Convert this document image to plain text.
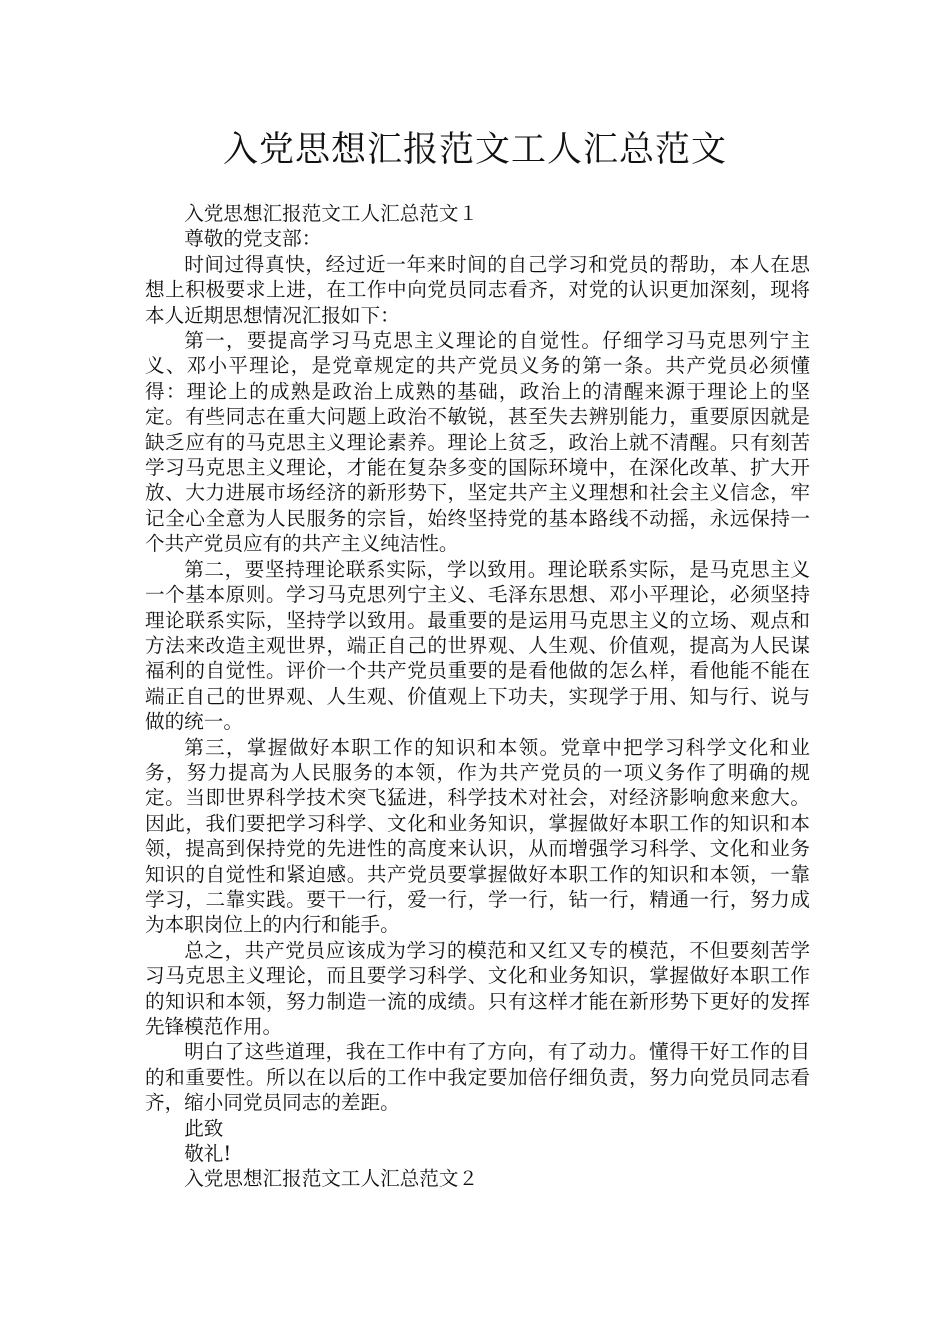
入党思想汇报范文工人汇总范文

入党思想汇报范文工人汇总范文１

尊敬的党支部：

时间过得真快，经过近一年来时间的自己学习和党员的帮助，本人在思想上积极要求上进，在工作中向党员同志看齐，对党的认识更加深刻，现将本人近期思想情况汇报如下：

第一，要提高学习马克思主义理论的自觉性。仔细学习马克思列宁主义、邓小平理论，是党章规定的共产党员义务的第一条。共产党员必须懂得：理论上的成熟是政治上成熟的基础，政治上的清醒来源于理论上的坚定。有些同志在重大问题上政治不敏锐，甚至失去辨别能力，重要原因就是缺乏应有的马克思主义理论素养。理论上贫乏，政治上就不清醒。只有刻苦学习马克思主义理论，才能在复杂多变的国际环境中，在深化改革、扩大开放、大力进展市场经济的新形势下，坚定共产主义理想和社会主义信念，牢记全心全意为人民服务的宗旨，始终坚持党的基本路线不动摇，永远保持一个共产党员应有的共产主义纯洁性。

第二，要坚持理论联系实际，学以致用。理论联系实际，是马克思主义一个基本原则。学习马克思列宁主义、毛泽东思想、邓小平理论，必须坚持理论联系实际，坚持学以致用。最重要的是运用马克思主义的立场、观点和方法来改造主观世界，端正自己的世界观、人生观、价值观，提高为人民谋福利的自觉性。评价一个共产党员重要的是看他做的怎么样，看他能不能在端正自己的世界观、人生观、价值观上下功夫，实现学于用、知与行、说与做的统一。

第三，掌握做好本职工作的知识和本领。党章中把学习科学文化和业务，努力提高为人民服务的本领，作为共产党员的一项义务作了明确的规定。当即世界科学技术突飞猛进，科学技术对社会，对经济影响愈来愈大。因此，我们要把学习科学、文化和业务知识，掌握做好本职工作的知识和本领，提高到保持党的先进性的高度来认识，从而增强学习科学、文化和业务知识的自觉性和紧迫感。共产党员要掌握做好本职工作的知识和本领，一靠学习，二靠实践。要干一行，爱一行，学一行，钻一行，精通一行，努力成为本职岗位上的内行和能手。

总之，共产党员应该成为学习的模范和又红又专的模范，不但要刻苦学习马克思主义理论，而且要学习科学、文化和业务知识，掌握做好本职工作的知识和本领，努力制造一流的成绩。只有这样才能在新形势下更好的发挥先锋模范作用。

明白了这些道理，我在工作中有了方向，有了动力。懂得干好工作的目的和重要性。所以在以后的工作中我定要加倍仔细负责，努力向党员同志看齐，缩小同党员同志的差距。

此致

敬礼!

入党思想汇报范文工人汇总范文２
